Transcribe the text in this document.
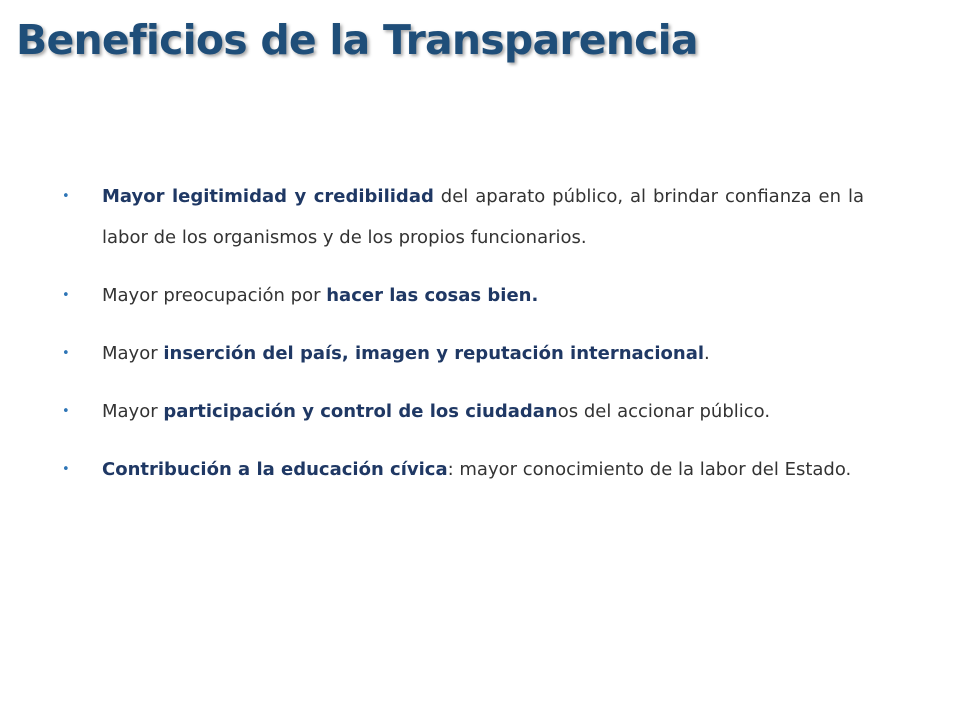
Beneficios de la Transparencia
• Mayor legitimidad y credibilidad del aparato público, al brindar confianza en la labor de los organismos y de los propios funcionarios.
• Mayor preocupación por hacer las cosas bien.
• Mayor inserción del país, imagen y reputación internacional.
• Mayor participación y control de los ciudadanos del accionar público.
• Contribución a la educación cívica: mayor conocimiento de la labor del Estado.
